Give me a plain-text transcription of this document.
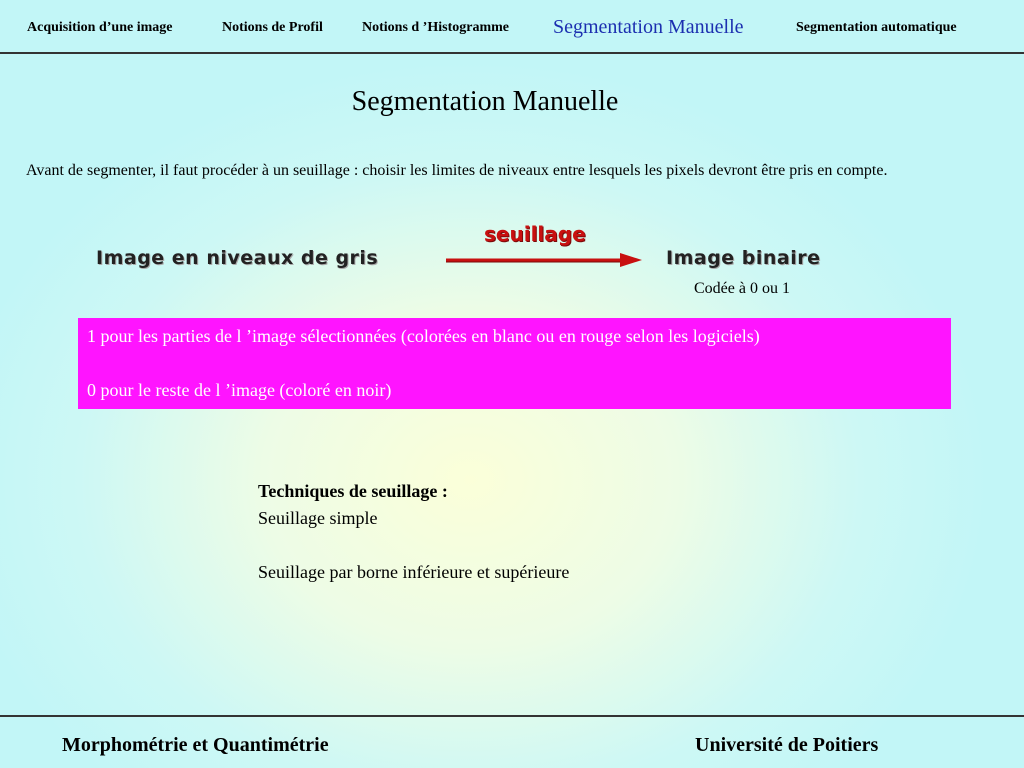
Acquisition d’une image	Notions de Profil	Notions d ’Histogramme Segmentation Manuelle	Segmentation automatique
Segmentation Manuelle
Avant de segmenter, il faut procéder à un seuillage : choisir les limites de niveaux entre lesquels les pixels devront être pris en compte.
Image en niveaux de gris
seuillage
Image binaire
Codée à 0 ou 1
1 pour les parties de l ’image sélectionnées (colorées en blanc ou en rouge selon les logiciels)
0 pour le reste de l ’image (coloré en noir)
Techniques de seuillage :
Seuillage simple
Seuillage par borne inférieure et supérieure
Morphométrie et Quantimétrie	Université de Poitiers
